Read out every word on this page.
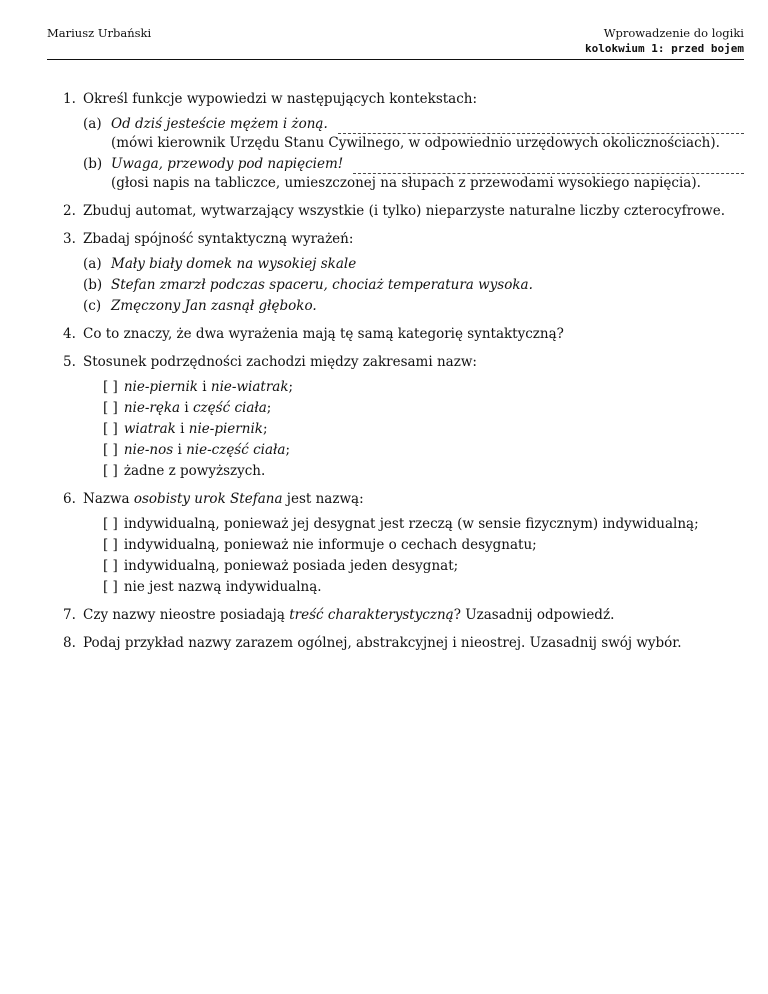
Mariusz Urbański	Wprowadzenie do logiki
kolokwium 1: przed bojem
1. Określ funkcje wypowiedzi w następujących kontekstach:
(a) Od dziś jesteście mężem i żoną.
(mówi kierownik Urzędu Stanu Cywilnego, w odpowiednio urzędowych okolicznościach).
(b) Uwaga, przewody pod napięciem!
(głosi napis na tabliczce, umieszczonej na słupach z przewodami wysokiego napięcia).
2. Zbuduj automat, wytwarzający wszystkie (i tylko) nieparzyste naturalne liczby czterocyfrowe.
3. Zbadaj spójność syntaktyczną wyrażeń:
(a) Mały biały domek na wysokiej skale
(b) Stefan zmarzł podczas spaceru, chociaż temperatura wysoka.
(c) Zmęczony Jan zasnął głęboko.
4. Co to znaczy, że dwa wyrażenia mają tę samą kategorię syntaktyczną?
5. Stosunek podrzędności zachodzi między zakresami nazw:
[ ] nie-piernik i nie-wiatrak;
[ ] nie-ręka i część ciała;
[ ] wiatrak i nie-piernik;
[ ] nie-nos i nie-część ciała;
[ ] żadne z powyższych.
6. Nazwa osobisty urok Stefana jest nazwą:
[ ] indywidualną, ponieważ jej desygnat jest rzeczą (w sensie fizycznym) indywidualną;
[ ] indywidualną, ponieważ nie informuje o cechach desygnatu;
[ ] indywidualną, ponieważ posiada jeden desygnat;
[ ] nie jest nazwą indywidualną.
7. Czy nazwy nieostre posiadają treść charakterystyczną? Uzasadnij odpowiedź.
8. Podaj przykład nazwy zarazem ogólnej, abstrakcyjnej i nieostrej. Uzasadnij swój wybór.
